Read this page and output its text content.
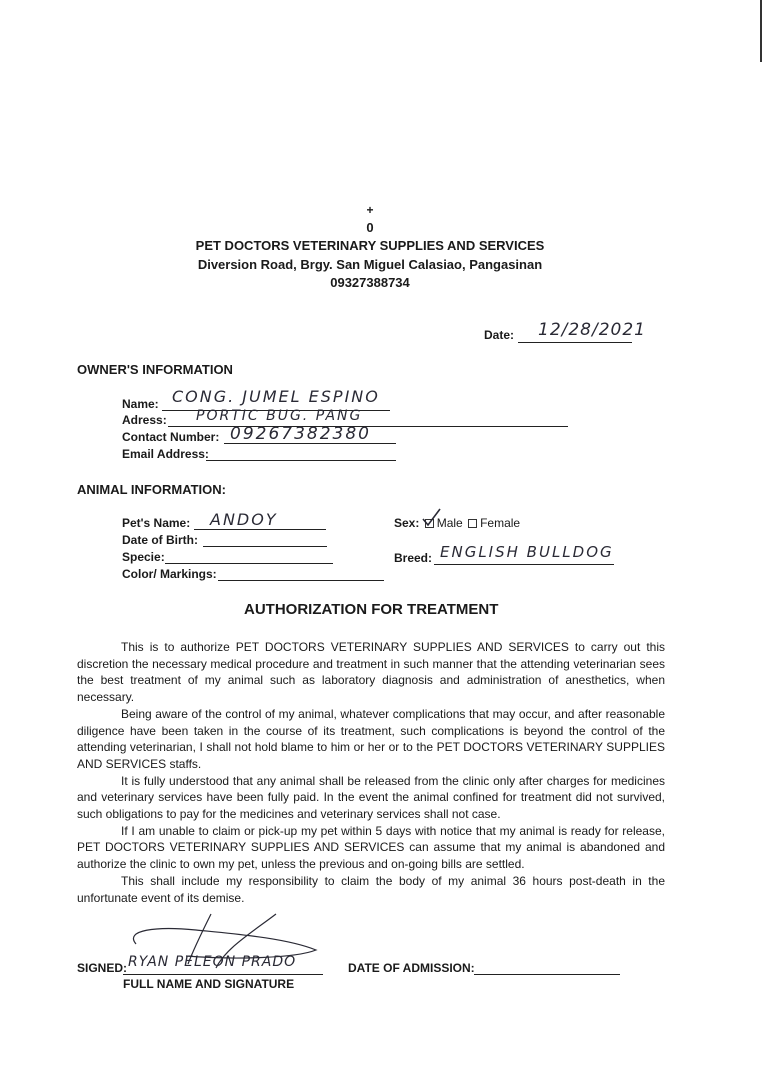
+
0
PET DOCTORS VETERINARY SUPPLIES AND SERVICES
Diversion Road, Brgy. San Miguel Calasiao, Pangasinan
09327388734
Date: 12/28/2021
OWNER'S INFORMATION
Name: CONG. JUMEL ESPINO
Adress: PORTIC BUG. PANG
Contact Number: 09267382380
Email Address:
ANIMAL INFORMATION:
Pet's Name: ANDOY
Date of Birth:
Specie:
Color/ Markings:
Sex: Male Female
Breed: ENGLISH BULLDOG
AUTHORIZATION FOR TREATMENT

This is to authorize PET DOCTORS VETERINARY SUPPLIES AND SERVICES to carry out this discretion the necessary medical procedure and treatment in such manner that the attending veterinarian sees the best treatment of my animal such as laboratory diagnosis and administration of anesthetics, when necessary.

Being aware of the control of my animal, whatever complications that may occur, and after reasonable diligence have been taken in the course of its treatment, such complications is beyond the control of the attending veterinarian, I shall not hold blame to him or her or to the PET DOCTORS VETERINARY SUPPLIES AND SERVICES staffs.

It is fully understood that any animal shall be released from the clinic only after charges for medicines and veterinary services have been fully paid. In the event the animal confined for treatment did not survived, such obligations to pay for the medicines and veterinary services shall not case.

If I am unable to claim or pick-up my pet within 5 days with notice that my animal is ready for release, PET DOCTORS VETERINARY SUPPLIES AND SERVICES can assume that my animal is abandoned and authorize the clinic to own my pet, unless the previous and on-going bills are settled.

This shall include my responsibility to claim the body of my animal 36 hours post-death in the unfortunate event of its demise.

SIGNED: RYAN PELEON PRADO
FULL NAME AND SIGNATURE
DATE OF ADMISSION:
